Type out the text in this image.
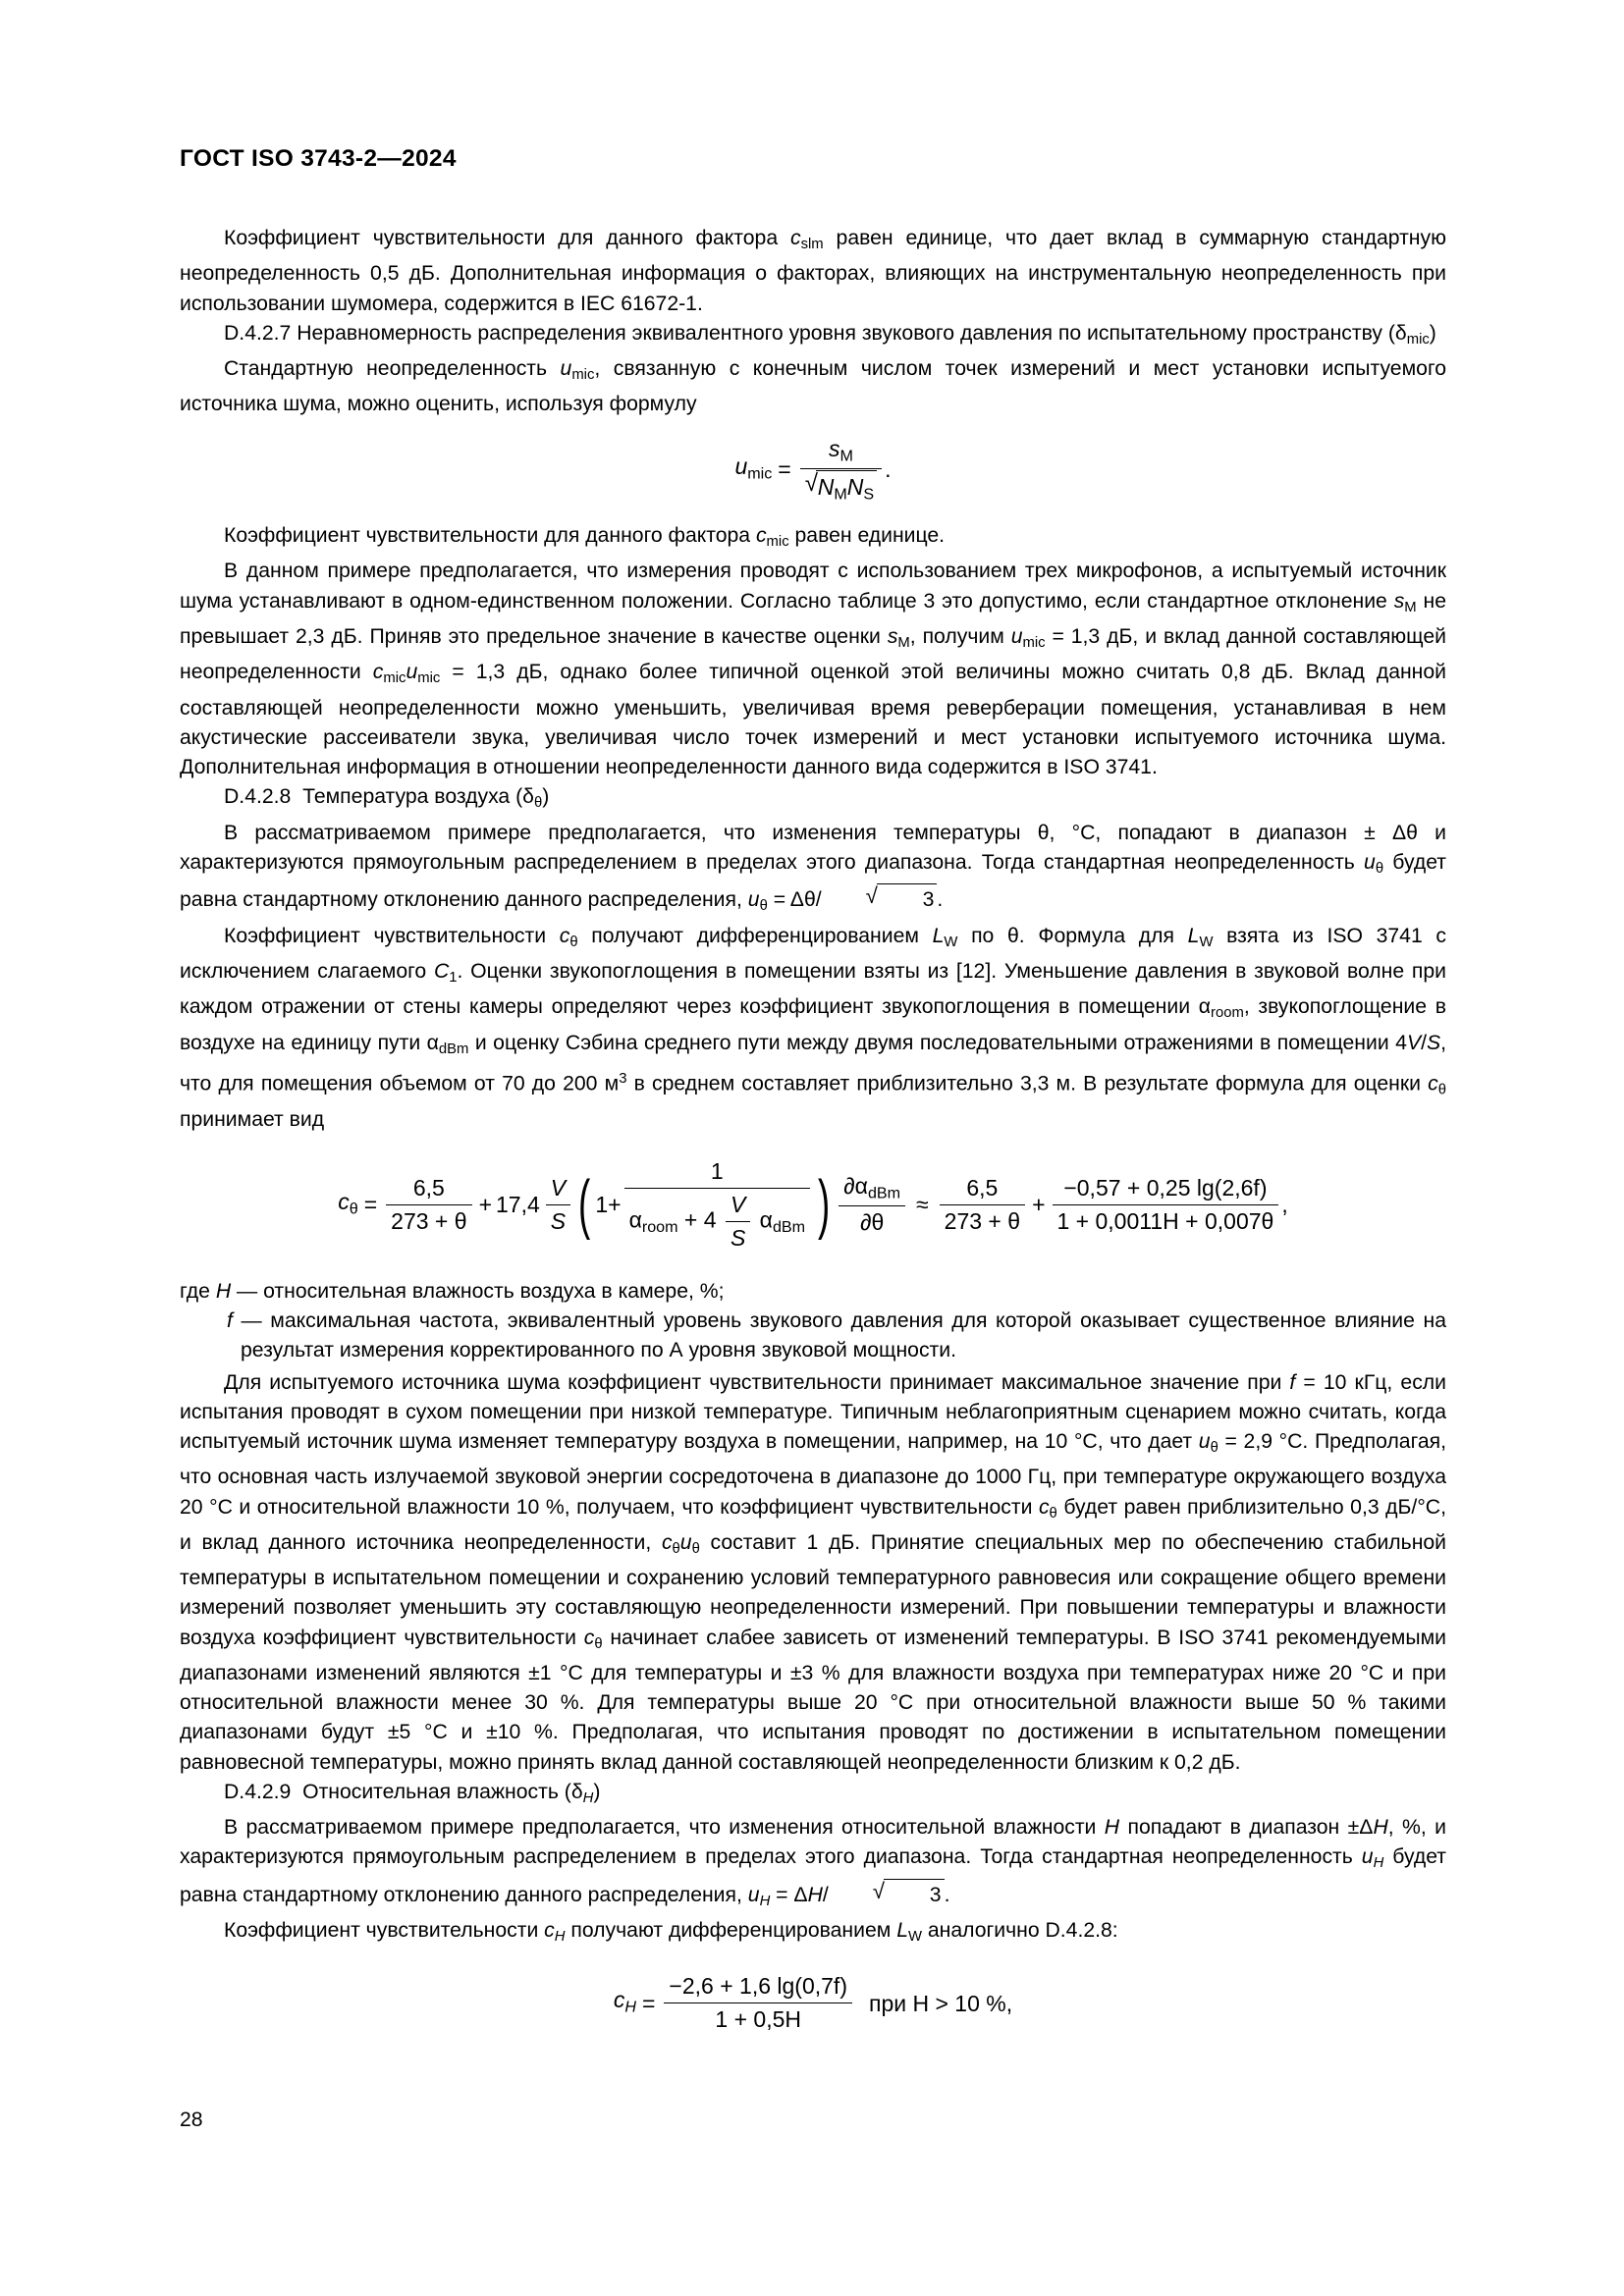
ГОСТ ISO 3743-2—2024

Коэффициент чувствительности для данного фактора $c_{slm}$ равен единице, что дает вклад в суммарную стандартную неопределенность 0,5 дБ. Дополнительная информация о факторах, влияющих на инструментальную неопределенность при использовании шумомера, содержится в IEC 61672-1.

D.4.2.7 Неравномерность распределения эквивалентного уровня звукового давления по испытательному пространству $(\delta_{mic})$

Стандартную неопределенность $u_{mic}$, связанную с конечным числом точек измерений и мест установки испытуемого источника шума, можно оценить, используя формулу

$u_{mic} = s_M$
√ $N_MN_S$ .

Коэффициент чувствительности для данного фактора $c_{mic}$ равен единице.

В данном примере предполагается, что измерения проводят с использованием трех микрофонов, а испытуемый источник шума устанавливают в одном-единственном положении. Согласно таблице 3 это допустимо, если стандартное отклонение $s_M$ не превышает 2,3 дБ. Приняв это предельное значение в качестве оценки $s_M$, получим $u_{mic} = 1,3$ дБ, и вклад данной составляющей неопределенности $c_{mic}u_{mic} = 1,3$ дБ, однако более типичной оценкой этой величины можно считать 0,8 дБ. Вклад данной составляющей неопределенности можно уменьшить, увеличивая время реверберации помещения, устанавливая в нем акустические рассеиватели звука, увеличивая число точек измерений и мест установки испытуемого источника шума. Дополнительная информация в отношении неопределенности данного вида содержится в ISO 3741.

D.4.2.8  Температура воздуха $(\delta_\theta)$

В рассматриваемом примере предполагается, что изменения температуры θ, °C, попадают в диапазон ± Δθ и характеризуются прямоугольным распределением в пределах этого диапазона. Тогда стандартная неопределенность $u_\theta$ будет равна стандартному отклонению данного распределения, $u_\theta = \Delta\theta/$	√ 3 .

Коэффициент чувствительности $c_\theta$ получают дифференцированием $L_W$ по θ. Формула для $L_W$ взята из ISO 3741 с исключением слагаемого $C_1$. Оценки звукопоглощения в помещении взяты из [12]. Уменьшение давления в звуковой волне при каждом отражении от стены камеры определяют через коэффициент звукопоглощения в помещении $\alpha_{room}$, звукопоглощение в воздухе на единицу пути $\alpha_{dBm}$ и оценку Сэбина среднего пути между двумя последовательными отражениями в помещении 4V/S, что для помещения объемом от 70 до 200 $м^3$ в среднем составляет приблизительно 3,3 м. В результате формула для оценки $c_\theta$ принимает вид

$c_\theta = \frac{6,5}{273 + \theta} + 17,4 \frac{V}{S}$ ( 1+
1
$\alpha_{room} + 4 \frac{V}{S} \alpha_{dBm}$ ) $\frac{\partial\alpha_{dBm}}{\partial\theta} \approx \frac{6,5}{273 + \theta} + \frac{-0,57 + 0,25 \lg(2,6f)}{1 + 0,0011H + 0,007\theta}$ ,
где H — относительная влажность воздуха в камере, %;
f — максимальная частота, эквивалентный уровень звукового давления для которой оказывает существенное влияние на результат измерения корректированного по А уровня звуковой мощности.

Для испытуемого источника шума коэффициент чувствительности принимает максимальное значение при f = 10 кГц, если испытания проводят в сухом помещении при низкой температуре. Типичным неблагоприятным сценарием можно считать, когда испытуемый источник шума изменяет температуру воздуха в помещении, например, на 10 °C, что дает $u_\theta = 2,9$ °C. Предполагая, что основная часть излучаемой звуковой энергии сосредоточена в диапазоне до 1000 Гц, при температуре окружающего воздуха 20 °C и относительной влажности 10 %, получаем, что коэффициент чувствительности $c_\theta$ будет равен приблизительно 0,3 дБ/°C, и вклад данного источника неопределенности, $c_\theta u_\theta$ составит 1 дБ. Принятие специальных мер по обеспечению стабильной температуры в испытательном помещении и сохранению условий температурного равновесия или сокращение общего времени измерений позволяет уменьшить эту составляющую неопределенности измерений. При повышении температуры и влажности воздуха коэффициент чувствительности $c_\theta$ начинает слабее зависеть от изменений температуры. В ISO 3741 рекомендуемыми диапазонами изменений являются ±1 °C для температуры и ±3 % для влажности воздуха при температурах ниже 20 °C и при относительной влажности менее 30 %. Для температуры выше 20 °C при относительной влажности выше 50 % такими диапазонами будут ±5 °C и ±10 %. Предполагая, что испытания проводят по достижении в испытательном помещении равновесной температуры, можно принять вклад данной составляющей неопределенности близким к 0,2 дБ.

D.4.2.9  Относительная влажность $(\delta_H)$

В рассматриваемом примере предполагается, что изменения относительной влажности H попадают в диапазон ±ΔH, %, и характеризуются прямоугольным распределением в пределах этого диапазона. Тогда стандартная неопределенность $u_H$ будет равна стандартному отклонению данного распределения, $u_H = \Delta H/$	√ 3 .

Коэффициент чувствительности $c_H$ получают дифференцированием $L_W$ аналогично D.4.2.8:

$c_H = \frac{-2,6 + 1,6 \lg(0,7f)}{1 + 0,5H}$ при H > 10 %,
28
